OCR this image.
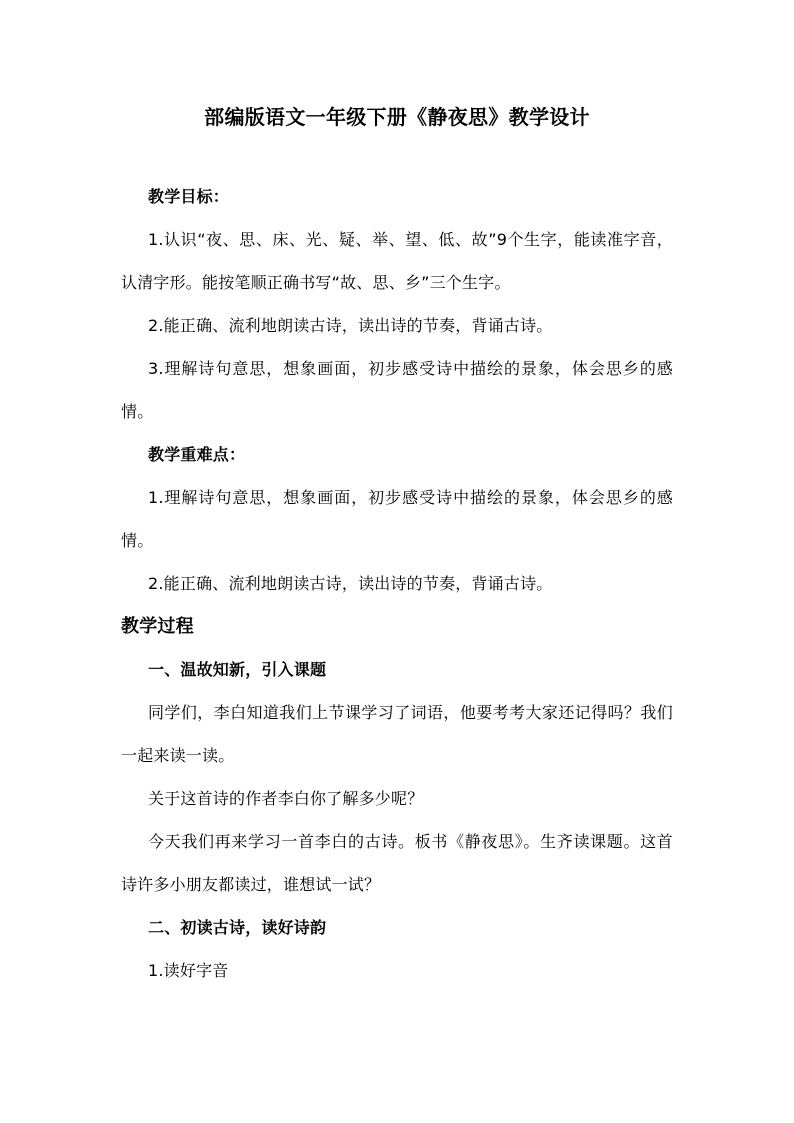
部编版语文一年级下册《静夜思》教学设计

教学目标：

1.认识“夜、思、床、光、疑、举、望、低、故”9个生字，能读准字音，认清字形。能按笔顺正确书写“故、思、乡”三个生字。

2.能正确、流利地朗读古诗，读出诗的节奏，背诵古诗。

3.理解诗句意思，想象画面，初步感受诗中描绘的景象，体会思乡的感情。

教学重难点：

1.理解诗句意思，想象画面，初步感受诗中描绘的景象，体会思乡的感情。

2.能正确、流利地朗读古诗，读出诗的节奏，背诵古诗。

教学过程

一、温故知新，引入课题

同学们，李白知道我们上节课学习了词语，他要考考大家还记得吗？我们一起来读一读。

关于这首诗的作者李白你了解多少呢？

今天我们再来学习一首李白的古诗。板书《静夜思》。生齐读课题。这首诗许多小朋友都读过，谁想试一试？

二、初读古诗，读好诗韵

1.读好字音
